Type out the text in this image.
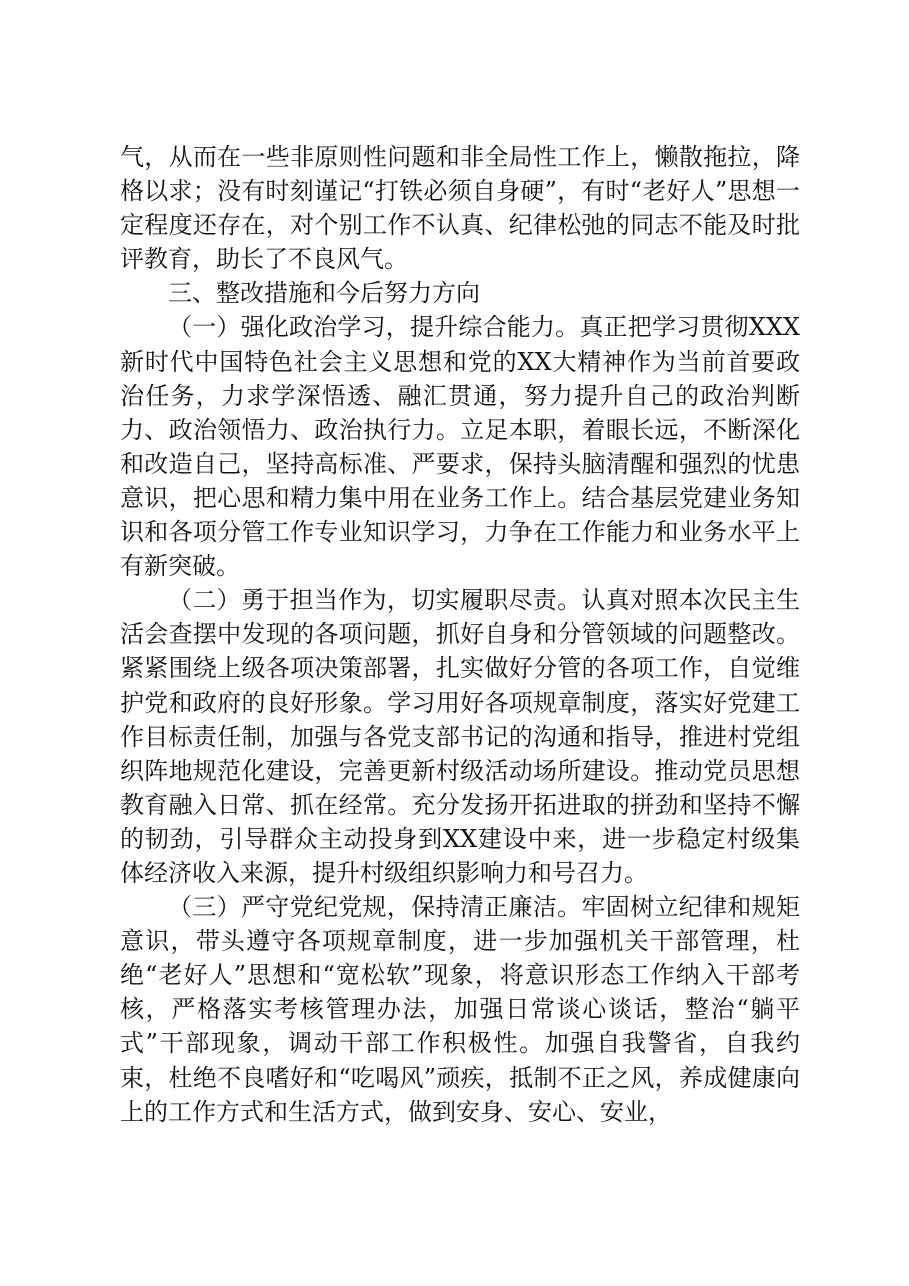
气，从而在一些非原则性问题和非全局性工作上，懒散拖拉，降格以求；没有时刻谨记“打铁必须自身硬”，有时“老好人”思想一定程度还存在，对个别工作不认真、纪律松弛的同志不能及时批评教育，助长了不良风气。

三、整改措施和今后努力方向

（一）强化政治学习，提升综合能力。真正把学习贯彻XXX新时代中国特色社会主义思想和党的XX大精神作为当前首要政治任务，力求学深悟透、融汇贯通，努力提升自己的政治判断力、政治领悟力、政治执行力。立足本职，着眼长远，不断深化和改造自己，坚持高标准、严要求，保持头脑清醒和强烈的忧患意识，把心思和精力集中用在业务工作上。结合基层党建业务知识和各项分管工作专业知识学习，力争在工作能力和业务水平上有新突破。

（二）勇于担当作为，切实履职尽责。认真对照本次民主生活会查摆中发现的各项问题，抓好自身和分管领域的问题整改。紧紧围绕上级各项决策部署，扎实做好分管的各项工作，自觉维护党和政府的良好形象。学习用好各项规章制度，落实好党建工作目标责任制，加强与各党支部书记的沟通和指导，推进村党组织阵地规范化建设，完善更新村级活动场所建设。推动党员思想教育融入日常、抓在经常。充分发扬开拓进取的拼劲和坚持不懈的韧劲，引导群众主动投身到XX建设中来，进一步稳定村级集体经济收入来源，提升村级组织影响力和号召力。

（三）严守党纪党规，保持清正廉洁。牢固树立纪律和规矩意识，带头遵守各项规章制度，进一步加强机关干部管理，杜绝“老好人”思想和“宽松软”现象，将意识形态工作纳入干部考核，严格落实考核管理办法，加强日常谈心谈话，整治“躺平式”干部现象，调动干部工作积极性。加强自我警省，自我约束，杜绝不良嗜好和“吃喝风”顽疾，抵制不正之风，养成健康向上的工作方式和生活方式，做到安身、安心、安业，
